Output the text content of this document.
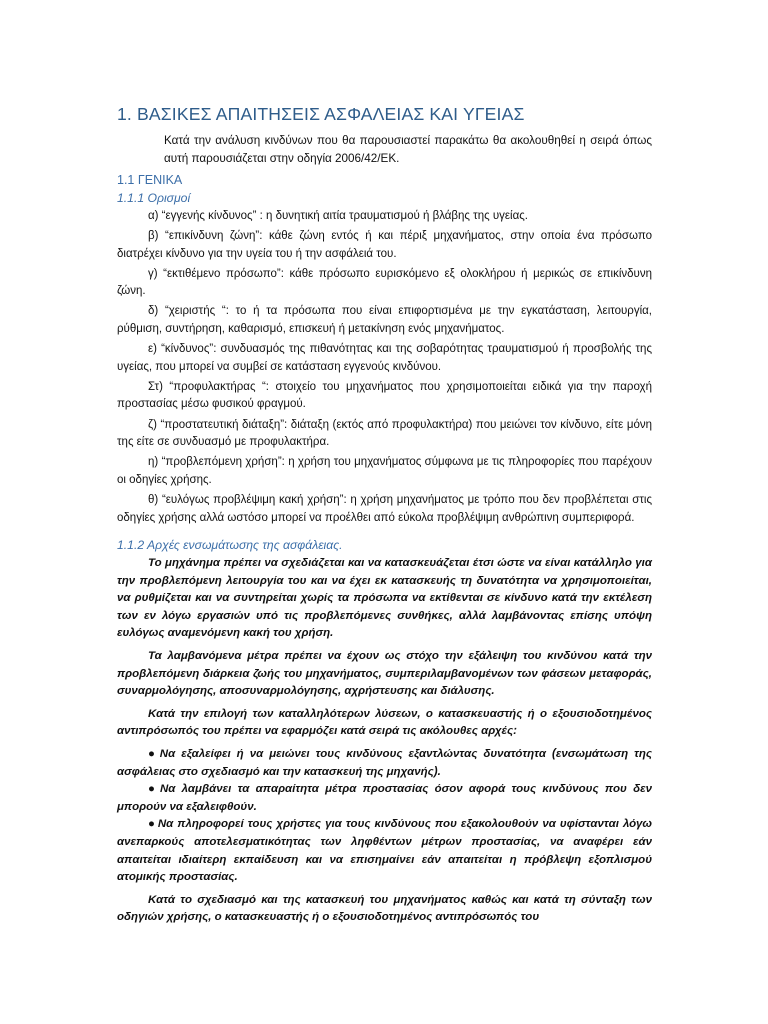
1. ΒΑΣΙΚΕΣ ΑΠΑΙΤΗΣΕΙΣ ΑΣΦΑΛΕΙΑΣ ΚΑΙ ΥΓΕΙΑΣ
Κατά την ανάλυση κινδύνων που θα παρουσιαστεί παρακάτω θα ακολουθηθεί η σειρά όπως αυτή παρουσιάζεται στην οδηγία 2006/42/ΕΚ.
1.1 ΓΕΝΙΚΑ
1.1.1 Ορισμοί

α) “εγγενής κίνδυνος” : η δυνητική αιτία τραυματισμού ή βλάβης της υγείας.

β) “επικίνδυνη ζώνη”: κάθε ζώνη εντός ή και πέριξ μηχανήματος, στην οποία ένα πρόσωπο διατρέχει κίνδυνο για την υγεία του ή την ασφάλειά του.

γ) “εκτιθέμενο πρόσωπο”: κάθε πρόσωπο ευρισκόμενο εξ ολοκλήρου ή μερικώς σε επικίνδυνη ζώνη.

δ) “χειριστής “: το ή τα πρόσωπα που είναι επιφορτισμένα με την εγκατάσταση, λειτουργία, ρύθμιση, συντήρηση, καθαρισμό, επισκευή ή μετακίνηση ενός μηχανήματος.

ε) “κίνδυνος”: συνδυασμός της πιθανότητας και της σοβαρότητας τραυματισμού ή προσβολής της υγείας, που μπορεί να συμβεί σε κατάσταση εγγενούς κινδύνου.

Στ) “προφυλακτήρας “: στοιχείο του μηχανήματος που χρησιμοποιείται ειδικά για την παροχή προστασίας μέσω φυσικού φραγμού.

ζ) “προστατευτική διάταξη”: διάταξη (εκτός από προφυλακτήρα) που μειώνει τον κίνδυνο, είτε μόνη της είτε σε συνδυασμό με προφυλακτήρα.

η) “προβλεπόμενη χρήση”: η χρήση του μηχανήματος σύμφωνα με τις πληροφορίες που παρέχουν οι οδηγίες χρήσης.

θ) “ευλόγως προβλέψιμη κακή χρήση”: η χρήση μηχανήματος με τρόπο που δεν προβλέπεται στις οδηγίες χρήσης αλλά ωστόσο μπορεί να προέλθει από εύκολα προβλέψιμη ανθρώπινη συμπεριφορά.

1.1.2 Αρχές ενσωμάτωσης της ασφάλειας.

Το μηχάνημα πρέπει να σχεδιάζεται και να κατασκευάζεται έτσι ώστε να είναι κατάλληλο για την προβλεπόμενη λειτουργία του και να έχει εκ κατασκευής τη δυνατότητα να χρησιμοποιείται, να ρυθμίζεται και να συντηρείται χωρίς τα πρόσωπα να εκτίθενται σε κίνδυνο κατά την εκτέλεση των εν λόγω εργασιών υπό τις προβλεπόμενες συνθήκες, αλλά λαμβάνοντας επίσης υπόψη ευλόγως αναμενόμενη κακή του χρήση.

Τα λαμβανόμενα μέτρα πρέπει να έχουν ως στόχο την εξάλειψη του κινδύνου κατά την προβλεπόμενη διάρκεια ζωής του μηχανήματος, συμπεριλαμβανομένων των φάσεων μεταφοράς, συναρμολόγησης, αποσυναρμολόγησης, αχρήστευσης και διάλυσης.

Κατά την επιλογή των καταλληλότερων λύσεων, ο κατασκευαστής ή ο εξουσιοδοτημένος αντιπρόσωπός του πρέπει να εφαρμόζει κατά σειρά τις ακόλουθες αρχές:

● Να εξαλείφει ή να μειώνει τους κινδύνους εξαντλώντας δυνατότητα (ενσωμάτωση της ασφάλειας στο σχεδιασμό και την κατασκευή της μηχανής).

● Να λαμβάνει τα απαραίτητα μέτρα προστασίας όσον αφορά τους κινδύνους που δεν μπορούν να εξαλειφθούν.

● Να πληροφορεί τους χρήστες για τους κινδύνους που εξακολουθούν να υφίστανται λόγω ανεπαρκούς αποτελεσματικότητας των ληφθέντων μέτρων προστασίας, να αναφέρει εάν απαιτείται ιδιαίτερη εκπαίδευση και να επισημαίνει εάν απαιτείται η πρόβλεψη εξοπλισμού ατομικής προστασίας.

Κατά το σχεδιασμό και της κατασκευή του μηχανήματος καθώς και κατά τη σύνταξη των οδηγιών χρήσης, ο κατασκευαστής ή ο εξουσιοδοτημένος αντιπρόσωπός του
